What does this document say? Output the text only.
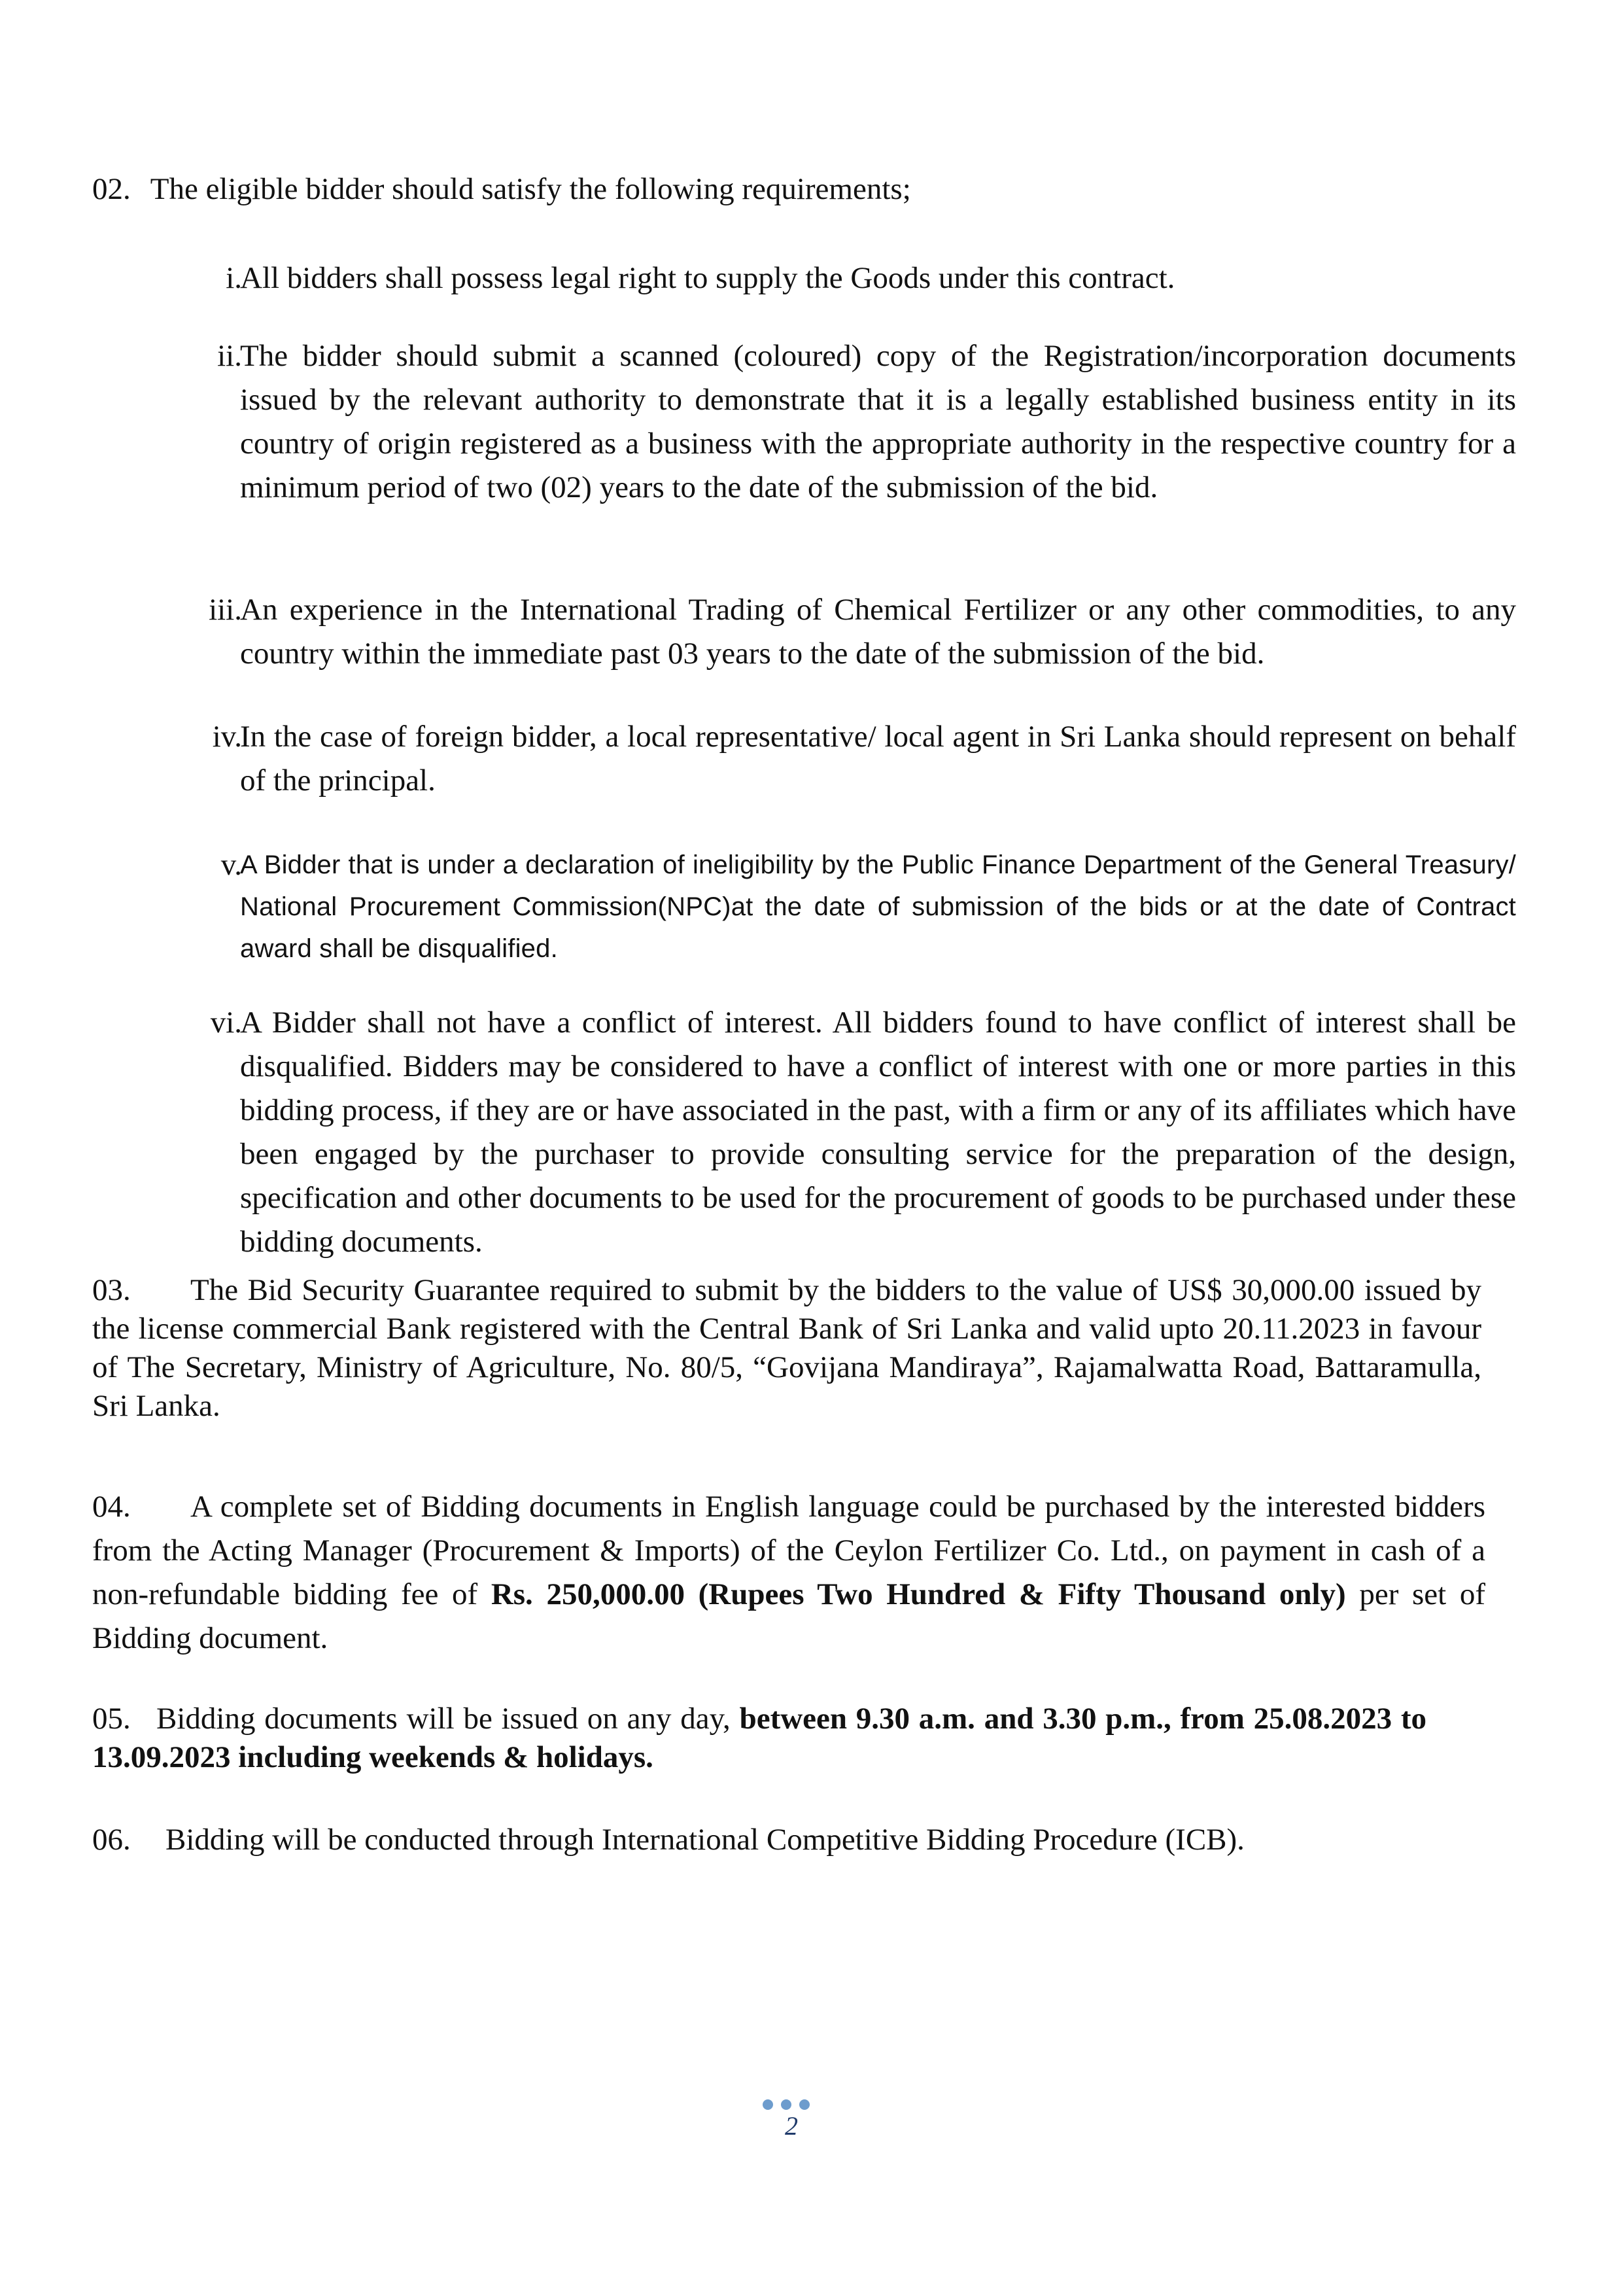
02. The eligible bidder should satisfy the following requirements;
i.
All bidders shall possess legal right to supply the Goods under this contract.
ii.
The bidder should submit a scanned (coloured) copy of the Registration/incorporation documents issued by the relevant authority to demonstrate that it is a legally established business entity in its country of origin registered as a business with the appropriate authority in the respective country for a minimum period of two (02) years to the date of the submission of the bid.
iii.
An experience in the International Trading of Chemical Fertilizer or any other commodities, to any country within the immediate past 03 years to the date of the submission of the bid.
iv.
In the case of foreign bidder, a local representative/ local agent in Sri Lanka should represent on behalf of the principal.
v.
A Bidder that is under a declaration of ineligibility by the Public Finance Department of the General Treasury/ National Procurement Commission(NPC)at the date of submission of the bids or at the date of Contract award shall be disqualified.
vi.
A Bidder shall not have a conflict of interest. All bidders found to have conflict of interest shall be disqualified. Bidders may be considered to have a conflict of interest with one or more parties in this bidding process, if they are or have associated in the past, with a firm or any of its affiliates which have been engaged by the purchaser to provide consulting service for the preparation of the design, specification and other documents to be used for the procurement of goods to be purchased under these bidding documents.
03. The Bid Security Guarantee required to submit by the bidders to the value of US$ 30,000.00 issued by the license commercial Bank registered with the Central Bank of Sri Lanka and valid upto 20.11.2023 in favour of The Secretary, Ministry of Agriculture, No. 80/5, “Govijana Mandiraya”, Rajamalwatta Road, Battaramulla, Sri Lanka.
04. A complete set of Bidding documents in English language could be purchased by the interested bidders from the Acting Manager (Procurement & Imports) of the Ceylon Fertilizer Co. Ltd., on payment in cash of a non-refundable bidding fee of Rs. 250,000.00 (Rupees Two Hundred & Fifty Thousand only) per set of Bidding document.
05. Bidding documents will be issued on any day, between 9.30 a.m. and 3.30 p.m., from 25.08.2023 to 13.09.2023 including weekends & holidays.
06. Bidding will be conducted through International Competitive Bidding Procedure (ICB).
2
